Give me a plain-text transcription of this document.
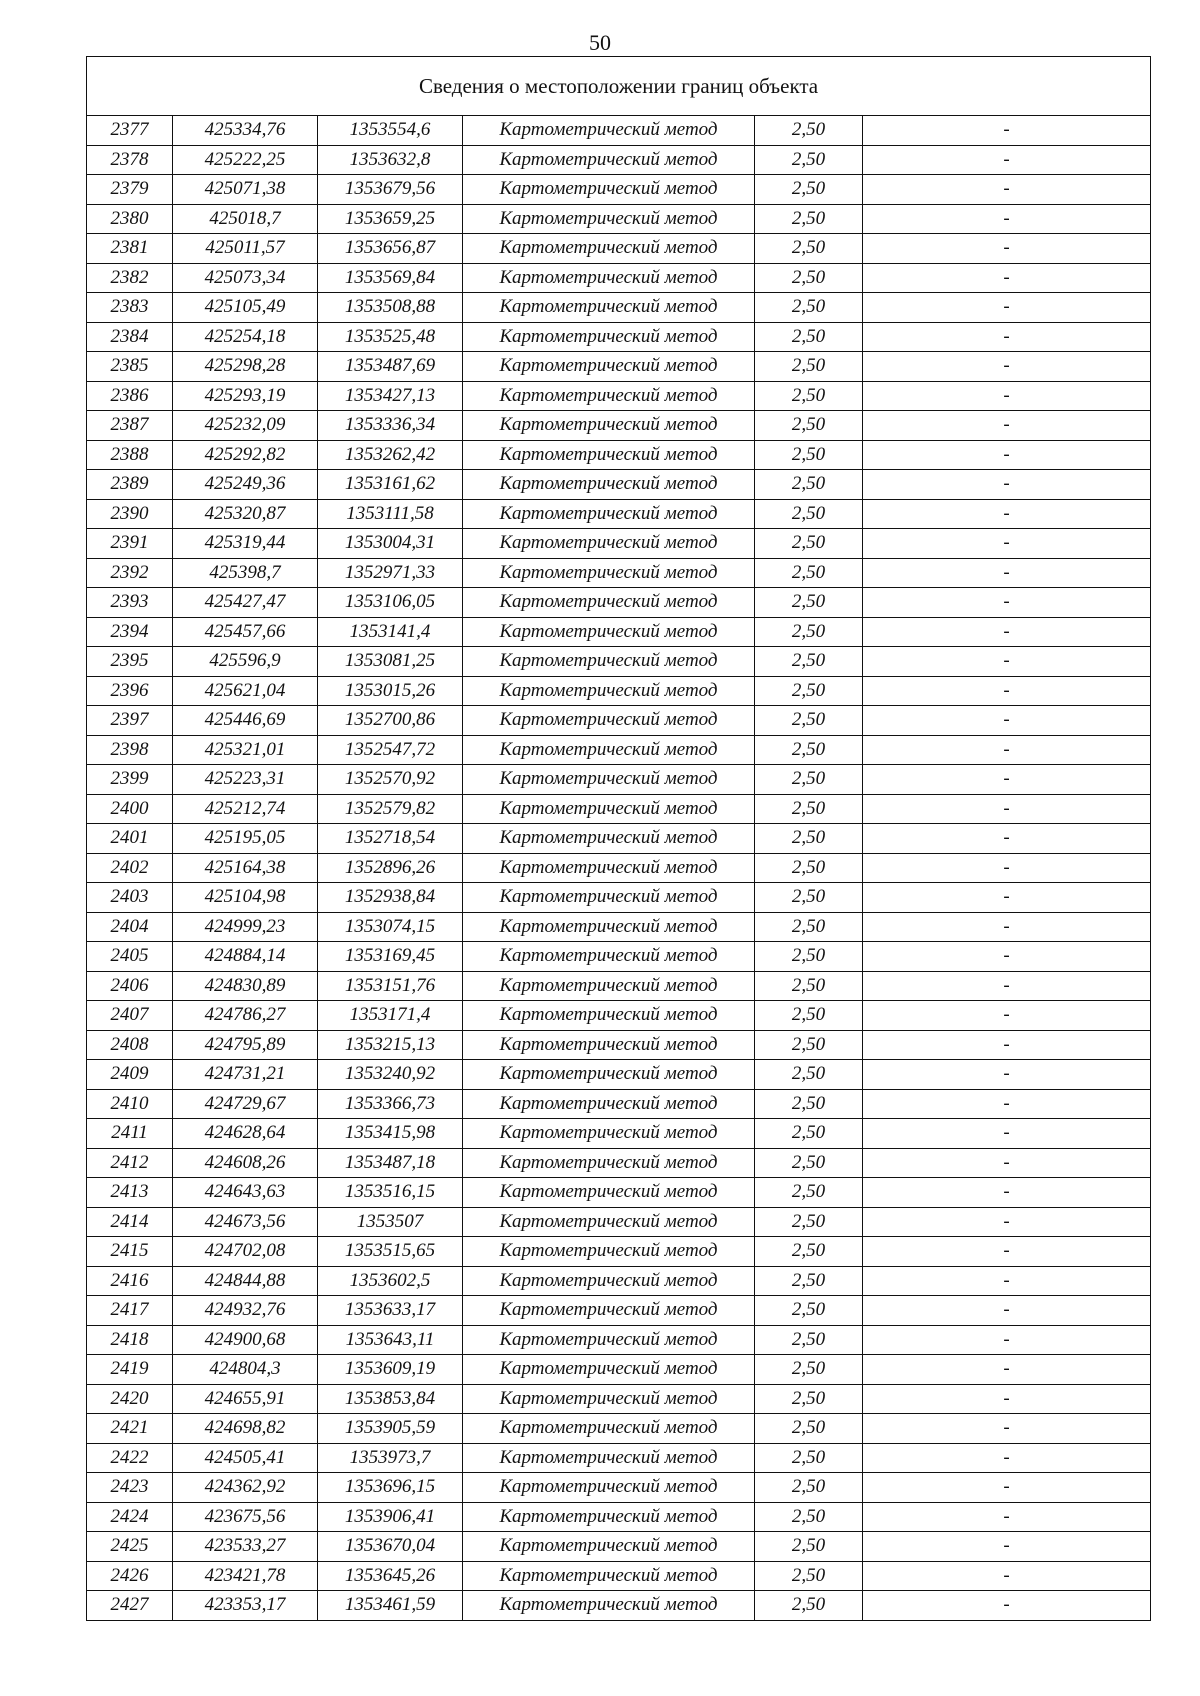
50
Сведения о местоположении границ объекта					
2377	425334,76	1353554,6	Картометрический метод	2,50	-
2378	425222,25	1353632,8	Картометрический метод	2,50	-
2379	425071,38	1353679,56	Картометрический метод	2,50	-
2380	425018,7	1353659,25	Картометрический метод	2,50	-
2381	425011,57	1353656,87	Картометрический метод	2,50	-
2382	425073,34	1353569,84	Картометрический метод	2,50	-
2383	425105,49	1353508,88	Картометрический метод	2,50	-
2384	425254,18	1353525,48	Картометрический метод	2,50	-
2385	425298,28	1353487,69	Картометрический метод	2,50	-
2386	425293,19	1353427,13	Картометрический метод	2,50	-
2387	425232,09	1353336,34	Картометрический метод	2,50	-
2388	425292,82	1353262,42	Картометрический метод	2,50	-
2389	425249,36	1353161,62	Картометрический метод	2,50	-
2390	425320,87	1353111,58	Картометрический метод	2,50	-
2391	425319,44	1353004,31	Картометрический метод	2,50	-
2392	425398,7	1352971,33	Картометрический метод	2,50	-
2393	425427,47	1353106,05	Картометрический метод	2,50	-
2394	425457,66	1353141,4	Картометрический метод	2,50	-
2395	425596,9	1353081,25	Картометрический метод	2,50	-
2396	425621,04	1353015,26	Картометрический метод	2,50	-
2397	425446,69	1352700,86	Картометрический метод	2,50	-
2398	425321,01	1352547,72	Картометрический метод	2,50	-
2399	425223,31	1352570,92	Картометрический метод	2,50	-
2400	425212,74	1352579,82	Картометрический метод	2,50	-
2401	425195,05	1352718,54	Картометрический метод	2,50	-
2402	425164,38	1352896,26	Картометрический метод	2,50	-
2403	425104,98	1352938,84	Картометрический метод	2,50	-
2404	424999,23	1353074,15	Картометрический метод	2,50	-
2405	424884,14	1353169,45	Картометрический метод	2,50	-
2406	424830,89	1353151,76	Картометрический метод	2,50	-
2407	424786,27	1353171,4	Картометрический метод	2,50	-
2408	424795,89	1353215,13	Картометрический метод	2,50	-
2409	424731,21	1353240,92	Картометрический метод	2,50	-
2410	424729,67	1353366,73	Картометрический метод	2,50	-
2411	424628,64	1353415,98	Картометрический метод	2,50	-
2412	424608,26	1353487,18	Картометрический метод	2,50	-
2413	424643,63	1353516,15	Картометрический метод	2,50	-
2414	424673,56	1353507	Картометрический метод	2,50	-
2415	424702,08	1353515,65	Картометрический метод	2,50	-
2416	424844,88	1353602,5	Картометрический метод	2,50	-
2417	424932,76	1353633,17	Картометрический метод	2,50	-
2418	424900,68	1353643,11	Картометрический метод	2,50	-
2419	424804,3	1353609,19	Картометрический метод	2,50	-
2420	424655,91	1353853,84	Картометрический метод	2,50	-
2421	424698,82	1353905,59	Картометрический метод	2,50	-
2422	424505,41	1353973,7	Картометрический метод	2,50	-
2423	424362,92	1353696,15	Картометрический метод	2,50	-
2424	423675,56	1353906,41	Картометрический метод	2,50	-
2425	423533,27	1353670,04	Картометрический метод	2,50	-
2426	423421,78	1353645,26	Картометрический метод	2,50	-
2427	423353,17	1353461,59	Картометрический метод	2,50	-
